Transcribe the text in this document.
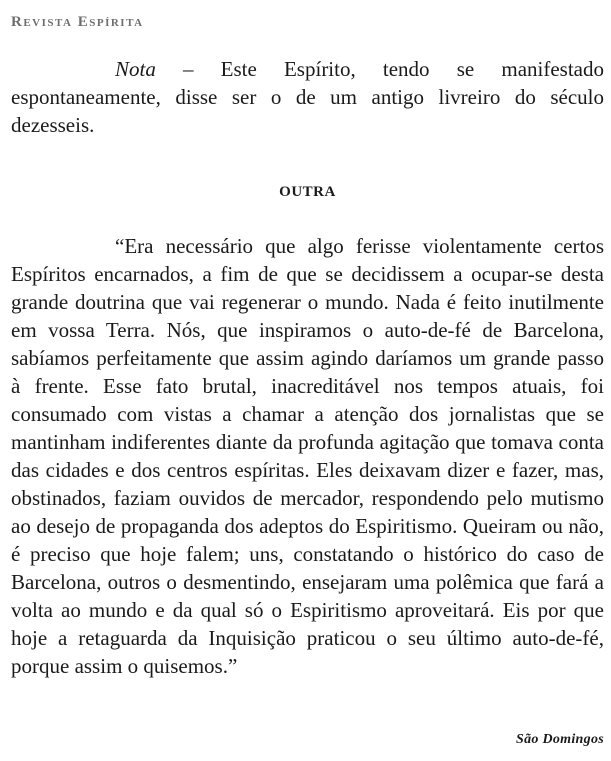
Revista Espírita

Nota – Este Espírito, tendo se manifestado espontaneamente, disse ser o de um antigo livreiro do século dezesseis.

OUTRA

“Era necessário que algo ferisse violentamente certos Espíritos encarnados, a fim de que se decidissem a ocupar-se desta grande doutrina que vai regenerar o mundo. Nada é feito inutilmente em vossa Terra. Nós, que inspiramos o auto-de-fé de Barcelona, sabíamos perfeitamente que assim agindo daríamos um grande passo à frente. Esse fato brutal, inacreditável nos tempos atuais, foi consumado com vistas a chamar a atenção dos jornalistas que se mantinham indiferentes diante da profunda agitação que tomava conta das cidades e dos centros espíritas. Eles deixavam dizer e fazer, mas, obstinados, faziam ouvidos de mercador, respondendo pelo mutismo ao desejo de propaganda dos adeptos do Espiritismo. Queiram ou não, é preciso que hoje falem; uns, constatando o histórico do caso de Barcelona, outros o desmentindo, ensejaram uma polêmica que fará a volta ao mundo e da qual só o Espiritismo aproveitará. Eis por que hoje a retaguarda da Inquisição praticou o seu último auto-de-fé, porque assim o quisemos.”

São Domingos
